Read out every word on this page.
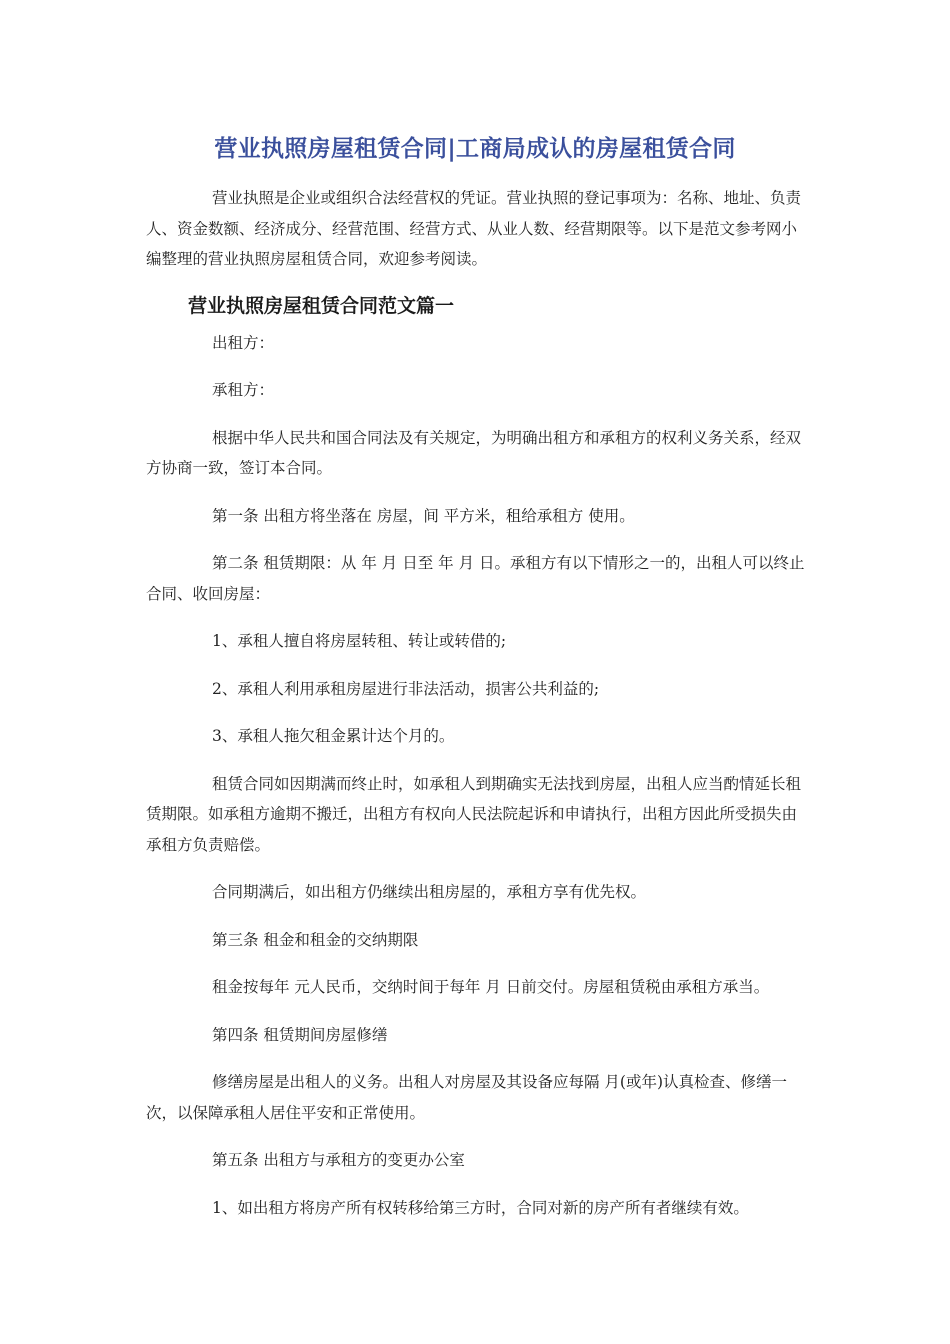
营业执照房屋租赁合同|工商局成认的房屋租赁合同

营业执照是企业或组织合法经营权的凭证。营业执照的登记事项为：名称、地址、负责人、资金数额、经济成分、经营范围、经营方式、从业人数、经营期限等。以下是范文参考网小编整理的营业执照房屋租赁合同，欢迎参考阅读。

营业执照房屋租赁合同范文篇一

出租方：

承租方：

根据中华人民共和国合同法及有关规定，为明确出租方和承租方的权利义务关系，经双方协商一致，签订本合同。

第一条 出租方将坐落在 房屋，间 平方米，租给承租方 使用。

第二条 租赁期限：从 年 月 日至 年 月 日。承租方有以下情形之一的，出租人可以终止合同、收回房屋：

1、承租人擅自将房屋转租、转让或转借的;

2、承租人利用承租房屋进行非法活动，损害公共利益的;

3、承租人拖欠租金累计达个月的。

租赁合同如因期满而终止时，如承租人到期确实无法找到房屋，出租人应当酌情延长租赁期限。如承租方逾期不搬迁，出租方有权向人民法院起诉和申请执行，出租方因此所受损失由承租方负责赔偿。

合同期满后，如出租方仍继续出租房屋的，承租方享有优先权。

第三条 租金和租金的交纳期限

租金按每年 元人民币，交纳时间于每年 月 日前交付。房屋租赁税由承租方承当。

第四条 租赁期间房屋修缮

修缮房屋是出租人的义务。出租人对房屋及其设备应每隔 月(或年)认真检查、修缮一次，以保障承租人居住平安和正常使用。

第五条 出租方与承租方的变更办公室

1、如出租方将房产所有权转移给第三方时，合同对新的房产所有者继续有效。
